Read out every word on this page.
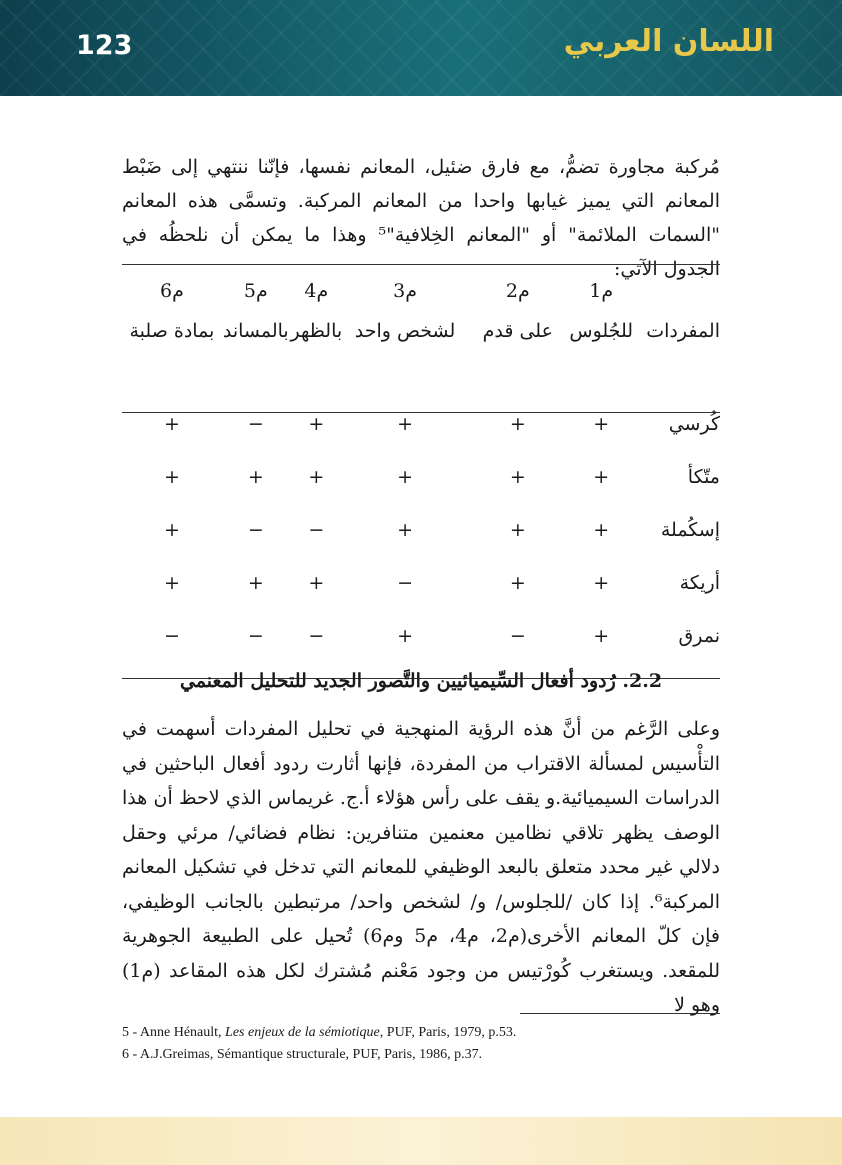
123	اللسان العربي
مُركبة مجاورة تضمُّ، مع فارق ضئيل، المعانم نفسها، فإنّنا ننتهي إلى ضَبْط المعانم التي يميز غيابها واحدا من المعانم المركبة. وتسمَّى هذه المعانم "السمات الملائمة" أو "المعانم الخِلافية"⁵ وهذا ما يمكن أن نلحظُه في الجدول الآتي:
	م1	م2	م3	م4	م5	م6
المفردات	للجُلوس	على قدم	لشخص واحد	بالظهر	بالمساند	بمادة صلبة
كُرسي	+	+	+	+	−	+
متّكأ	+	+	+	+	+	+
إسكُملة	+	+	+	−	−	+
أريكة	+	+	−	+	+	+
نمرق	+	−	+	−	−	−
2.2. رُدود أفعال السِّيميائيين والتَّصور الجديد للتحليل المعنمي
وعلى الرَّغم من أنَّ هذه الرؤية المنهجية في تحليل المفردات أسهمت في التأْسيس لمسألة الاقتراب من المفردة، فإنها أثارت ردود أفعال الباحثين في الدراسات السيميائية.و يقف على رأس هؤلاء أ.ج. غريماس الذي لاحظ أن هذا الوصف يظهر تلاقي نظامين معنمين متنافرين: نظام فضائي/ مرئي وحقل دلالي غير محدد متعلق بالبعد الوظيفي للمعانم التي تدخل في تشكيل المعانم المركبة⁶. إذا كان /للجلوس/ و/ لشخص واحد/ مرتبطين بالجانب الوظيفي، فإن كلّ المعانم الأخرى(م2، م4، م5 وم6) تُحيل على الطبيعة الجوهرية للمقعد. ويستغرب كُورْتيس من وجود مَعْنم مُشترك لكل هذه المقاعد (م1) وهو لا

5 - Anne Hénault, Les enjeux de la sémiotique, PUF, Paris, 1979, p.53.

6 - A.J.Greimas, Sémantique structurale, PUF, Paris, 1986, p.37.
